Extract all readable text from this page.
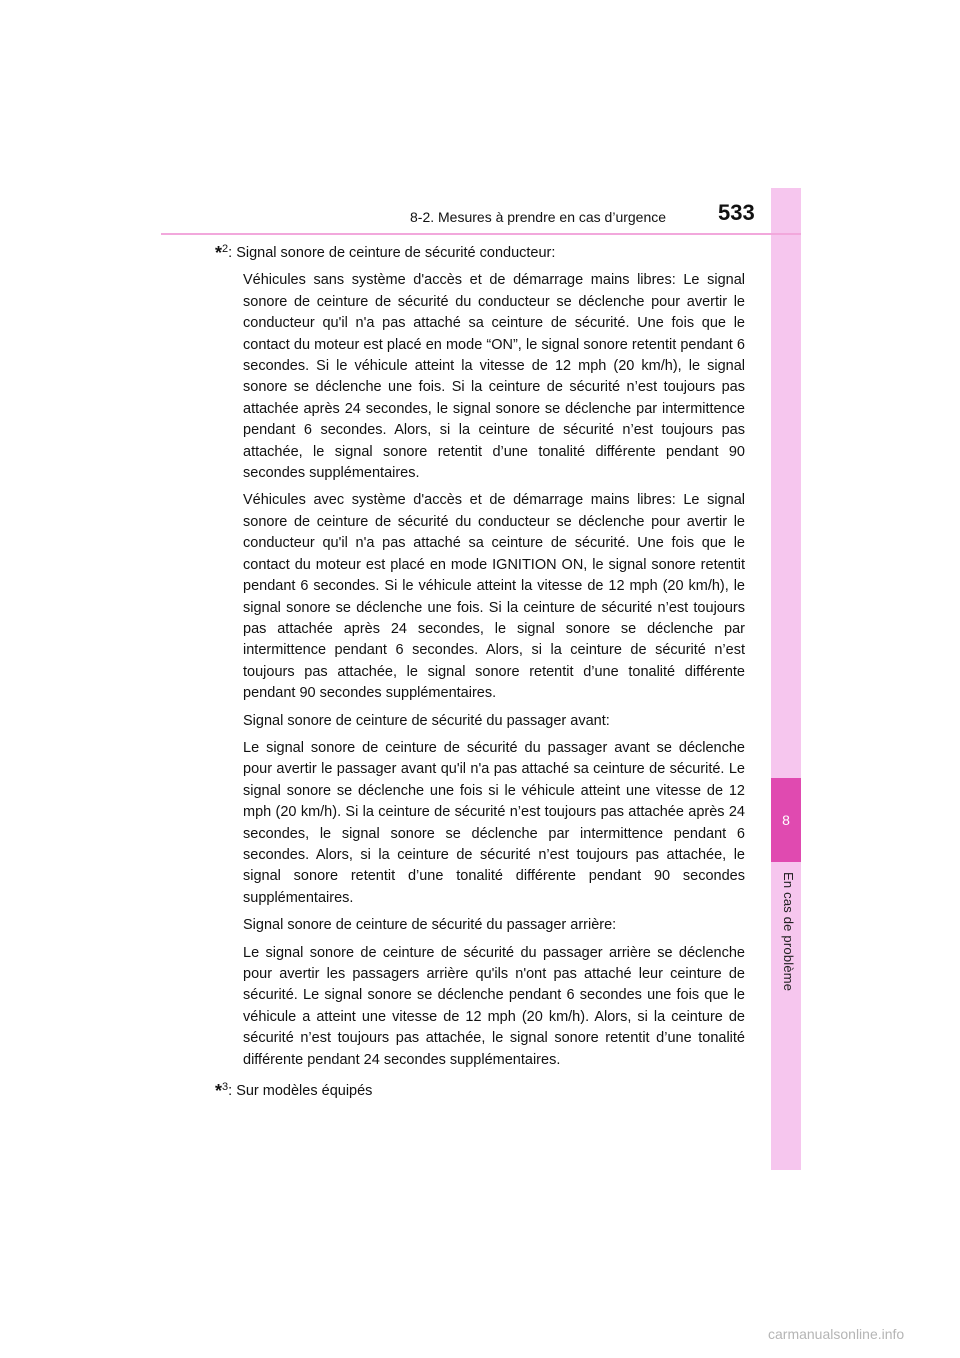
8
En cas de problème
8-2. Mesures à prendre en cas d’urgence 533

*$^2$: Signal sonore de ceinture de sécurité conducteur:

Véhicules sans système d'accès et de démarrage mains libres: Le signal sonore de ceinture de sécurité du conducteur se déclenche pour avertir le conducteur qu'il n'a pas attaché sa ceinture de sécurité. Une fois que le contact du moteur est placé en mode “ON”, le signal sonore retentit pendant 6 secondes. Si le véhicule atteint la vitesse de 12 mph (20 km/h), le signal sonore se déclenche une fois. Si la ceinture de sécurité n’est toujours pas attachée après 24 secondes, le signal sonore se déclenche par intermittence pendant 6 secondes. Alors, si la ceinture de sécurité n’est toujours pas attachée, le signal sonore retentit d’une tonalité différente pendant 90 secondes supplémentaires.

Véhicules avec système d'accès et de démarrage mains libres: Le signal sonore de ceinture de sécurité du conducteur se déclenche pour avertir le conducteur qu'il n'a pas attaché sa ceinture de sécurité. Une fois que le contact du moteur est placé en mode IGNITION ON, le signal sonore retentit pendant 6 secondes. Si le véhicule atteint la vitesse de 12 mph (20 km/h), le signal sonore se déclenche une fois. Si la ceinture de sécurité n’est toujours pas attachée après 24 secondes, le signal sonore se déclenche par intermittence pendant 6 secondes. Alors, si la ceinture de sécurité n’est toujours pas attachée, le signal sonore retentit d’une tonalité différente pendant 90 secondes supplémentaires.

Signal sonore de ceinture de sécurité du passager avant:

Le signal sonore de ceinture de sécurité du passager avant se déclenche pour avertir le passager avant qu'il n'a pas attaché sa ceinture de sécurité. Le signal sonore se déclenche une fois si le véhicule atteint une vitesse de 12 mph (20 km/h). Si la ceinture de sécurité n’est toujours pas attachée après 24 secondes, le signal sonore se déclenche par intermittence pendant 6 secondes. Alors, si la ceinture de sécurité n’est toujours pas attachée, le signal sonore retentit d’une tonalité différente pendant 90 secondes supplémentaires.

Signal sonore de ceinture de sécurité du passager arrière:

Le signal sonore de ceinture de sécurité du passager arrière se déclenche pour avertir les passagers arrière qu'ils n'ont pas attaché leur ceinture de sécurité. Le signal sonore se déclenche pendant 6 secondes une fois que le véhicule a atteint une vitesse de 12 mph (20 km/h). Alors, si la ceinture de sécurité n’est toujours pas attachée, le signal sonore retentit d’une tonalité différente pendant 24 secondes supplémentaires.

*$^3$: Sur modèles équipés

carmanualsonline.info
